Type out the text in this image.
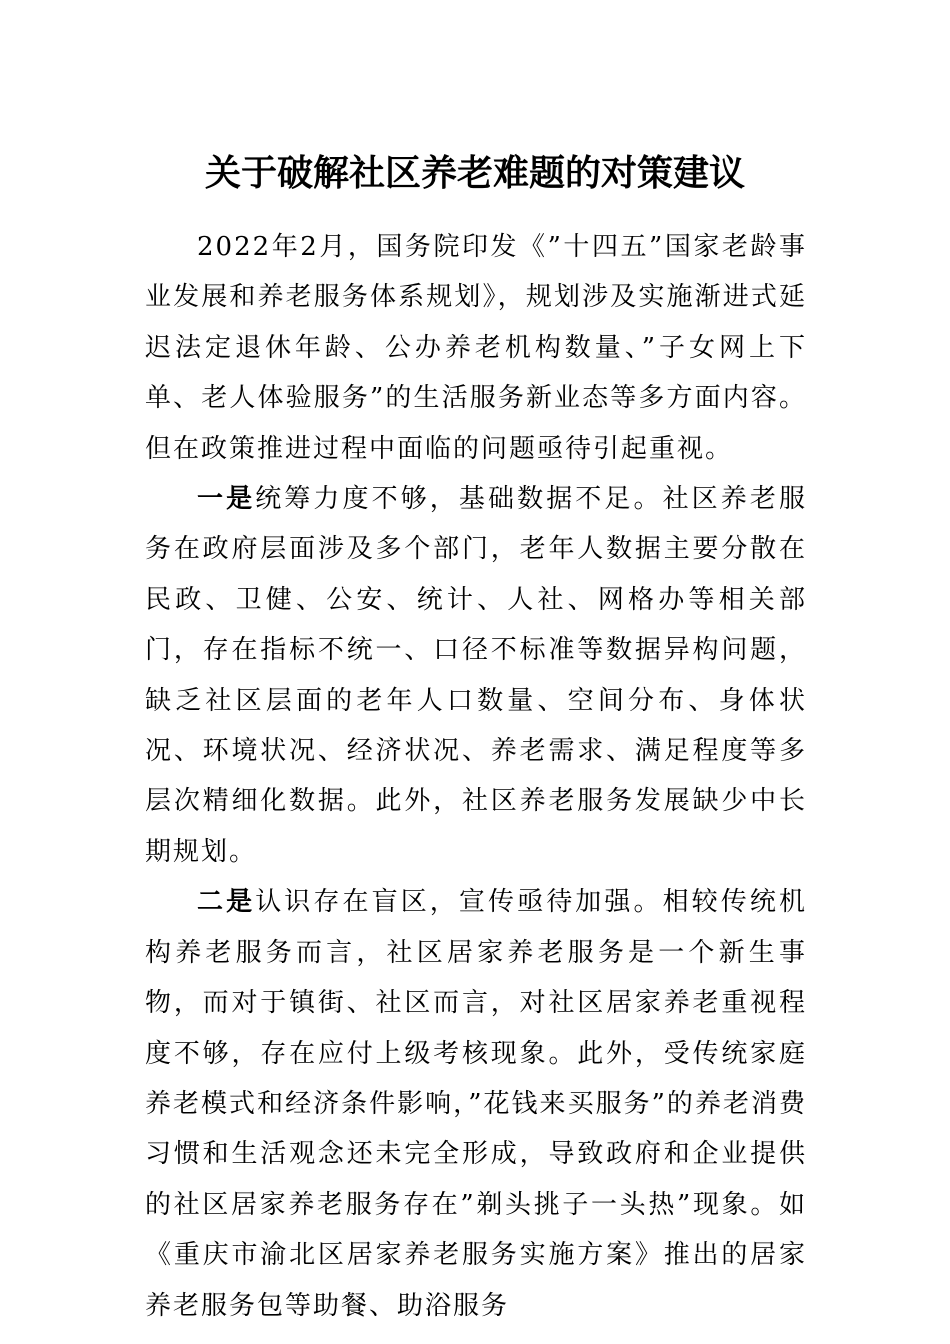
关于破解社区养老难题的对策建议

2022年2月，国务院印发《”十四五”国家老龄事业发展和养老服务体系规划》，规划涉及实施渐进式延迟法定退休年龄、公办养老机构数量、”子女网上下单、老人体验服务”的生活服务新业态等多方面内容。但在政策推进过程中面临的问题亟待引起重视。

一是统筹力度不够，基础数据不足。社区养老服务在政府层面涉及多个部门，老年人数据主要分散在民政、卫健、公安、统计、人社、网格办等相关部门，存在指标不统一、口径不标准等数据异构问题，缺乏社区层面的老年人口数量、空间分布、身体状况、环境状况、经济状况、养老需求、满足程度等多层次精细化数据。此外，社区养老服务发展缺少中长期规划。

二是认识存在盲区，宣传亟待加强。相较传统机构养老服务而言，社区居家养老服务是一个新生事物，而对于镇街、社区而言，对社区居家养老重视程度不够，存在应付上级考核现象。此外，受传统家庭养老模式和经济条件影响，”花钱来买服务”的养老消费习惯和生活观念还未完全形成，导致政府和企业提供的社区居家养老服务存在”剃头挑子一头热”现象。如《重庆市渝北区居家养老服务实施方案》推出的居家养老服务包等助餐、助浴服务
